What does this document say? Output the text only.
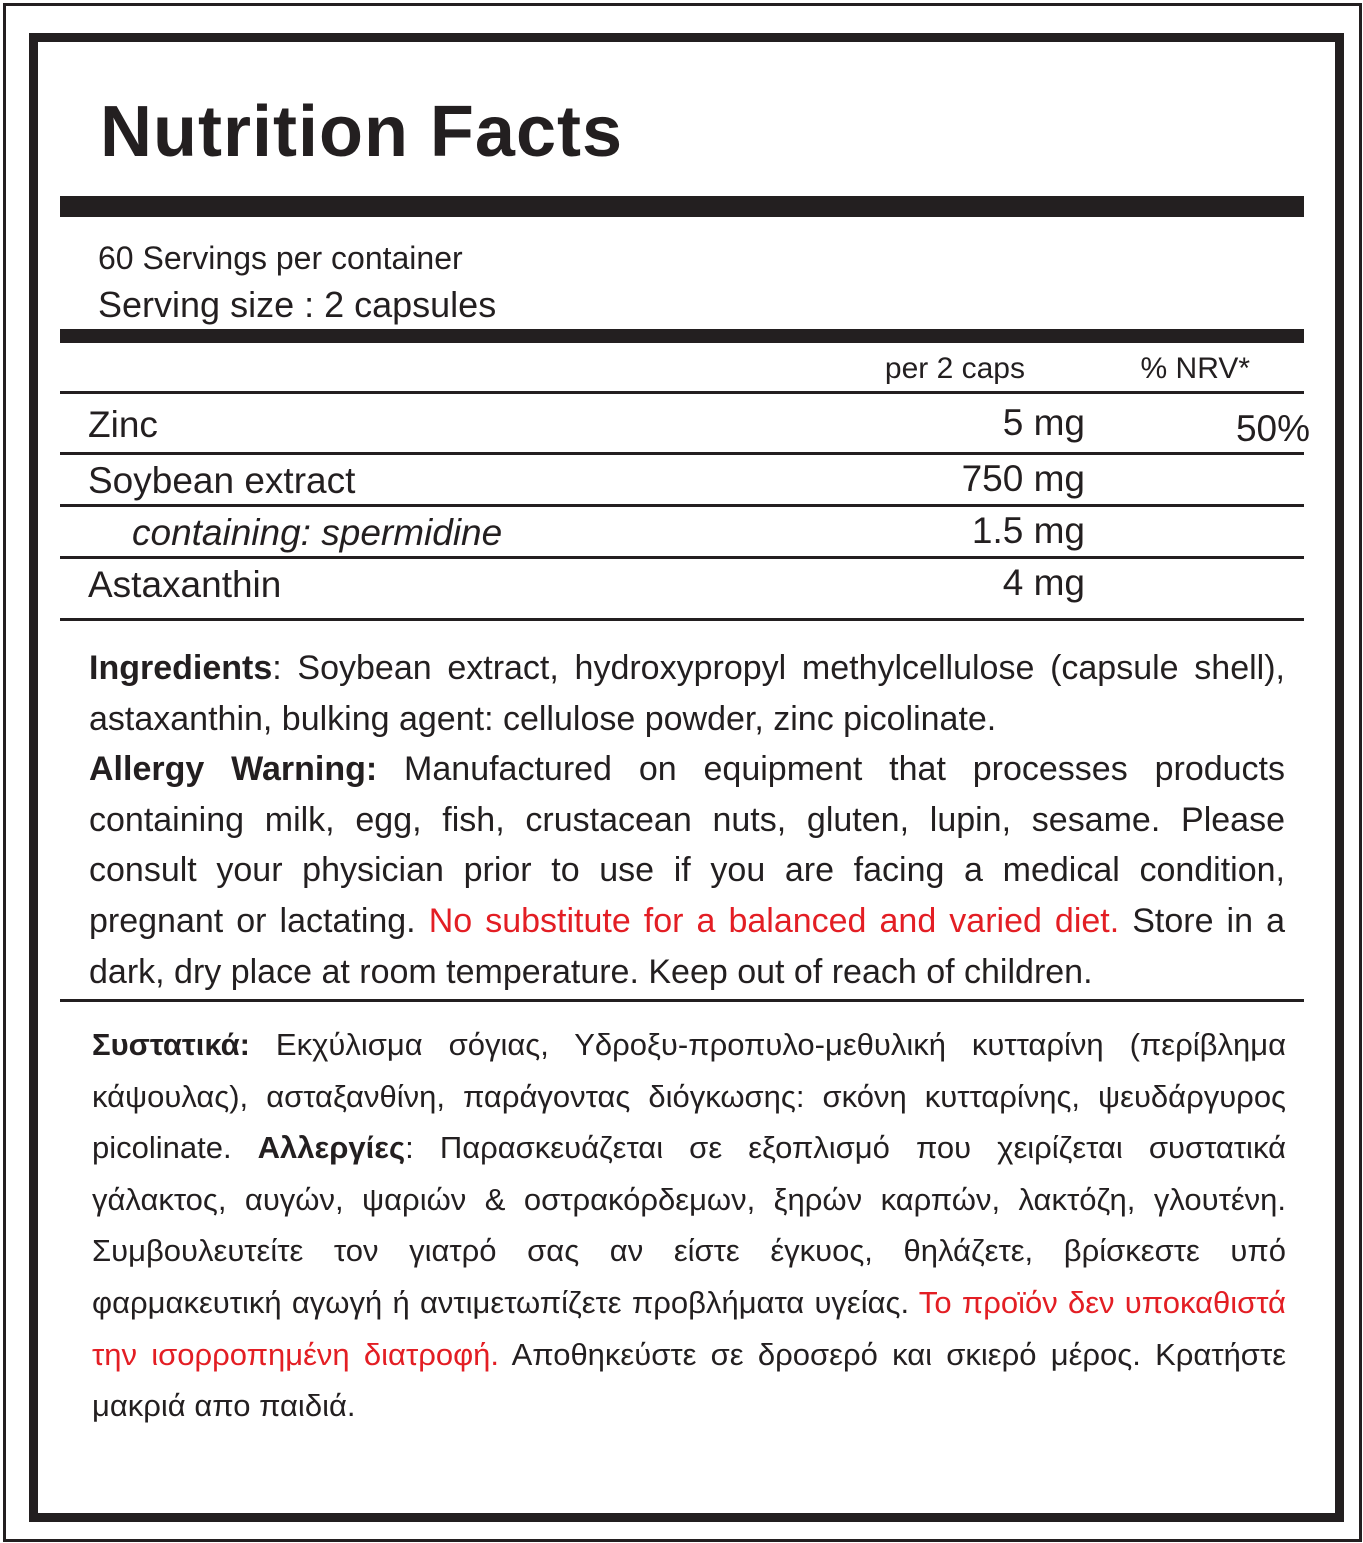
Nutrition Facts
60 Servings per container
Serving size : 2 capsules
per 2 caps	% NRV*
Zinc	5 mg	50%
Soybean extract	750 mg
containing: spermidine	1.5 mg
Astaxanthin	4 mg
Ingredients: Soybean extract, hydroxypropyl methylcellulose (capsule shell), astaxanthin, bulking agent: cellulose powder, zinc picolinate.
Allergy Warning: Manufactured on equipment that processes products containing milk, egg, fish, crustacean nuts, gluten, lupin, sesame. Please consult your physician prior to use if you are facing a medical condition, pregnant or lactating. No substitute for a balanced and varied diet. Store in a dark, dry place at room temperature. Keep out of reach of children.
Συστατικά: Εκχύλισμα σόγιας, Υδροξυ-προπυλο-μεθυλική κυτταρίνη (περίβλημα κάψουλας), ασταξανθίνη, παράγοντας διόγκωσης: σκόνη κυτταρίνης, ψευδάργυρος picolinate. Αλλεργίες: Παρασκευάζεται σε εξοπλισμό που χειρίζεται συστατικά γάλακτος, αυγών, ψαριών & οστρακόρδεμων, ξηρών καρπών, λακτόζη, γλουτένη. Συμβουλευτείτε τον γιατρό σας αν είστε έγκυος, θηλάζετε, βρίσκεστε υπό φαρμακευτική αγωγή ή αντιμετωπίζετε προβλήματα υγείας. Το προϊόν δεν υποκαθιστά την ισορροπημένη διατροφή. Αποθηκεύστε σε δροσερό και σκιερό μέρος. Κρατήστε μακριά απο παιδιά.
